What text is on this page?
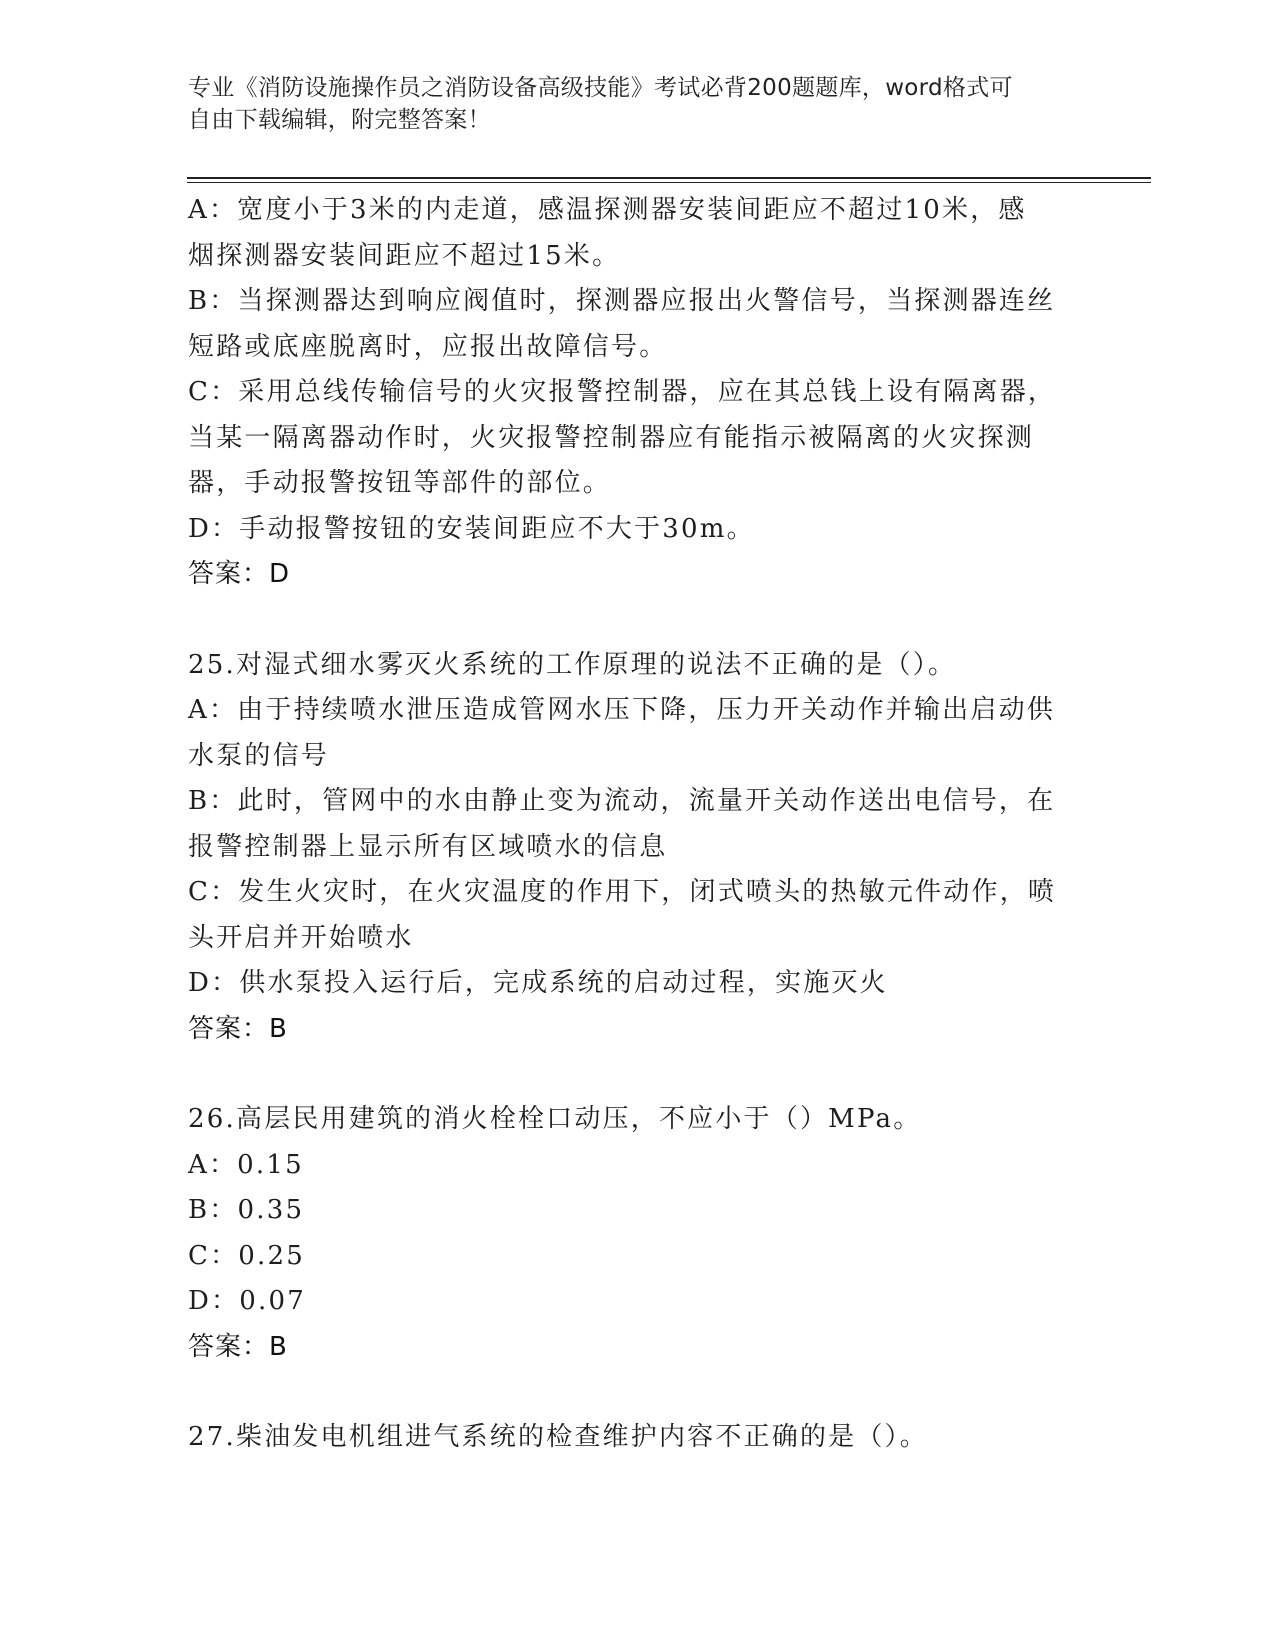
专业《消防设施操作员之消防设备高级技能》考试必背200题题库，word格式可
自由下载编辑，附完整答案！
A：宽度小于3米的内走道，感温探测器安装间距应不超过10米，感
烟探测器安装间距应不超过15米。
B：当探测器达到响应阀值时，探测器应报出火警信号，当探测器连丝
短路或底座脱离时，应报出故障信号。
C：采用总线传输信号的火灾报警控制器，应在其总钱上设有隔离器，
当某一隔离器动作时，火灾报警控制器应有能指示被隔离的火灾探测
器，手动报警按钮等部件的部位。
D：手动报警按钮的安装间距应不大于30m。
答案：D
25.对湿式细水雾灭火系统的工作原理的说法不正确的是（）。
A：由于持续喷水泄压造成管网水压下降，压力开关动作并输出启动供
水泵的信号
B：此时，管网中的水由静止变为流动，流量开关动作送出电信号，在
报警控制器上显示所有区域喷水的信息
C：发生火灾时，在火灾温度的作用下，闭式喷头的热敏元件动作，喷
头开启并开始喷水
D：供水泵投入运行后，完成系统的启动过程，实施灭火
答案：B
26.高层民用建筑的消火栓栓口动压，不应小于（）MPa。
A：0.15
B：0.35
C：0.25
D：0.07
答案：B
27.柴油发电机组进气系统的检查维护内容不正确的是（）。
